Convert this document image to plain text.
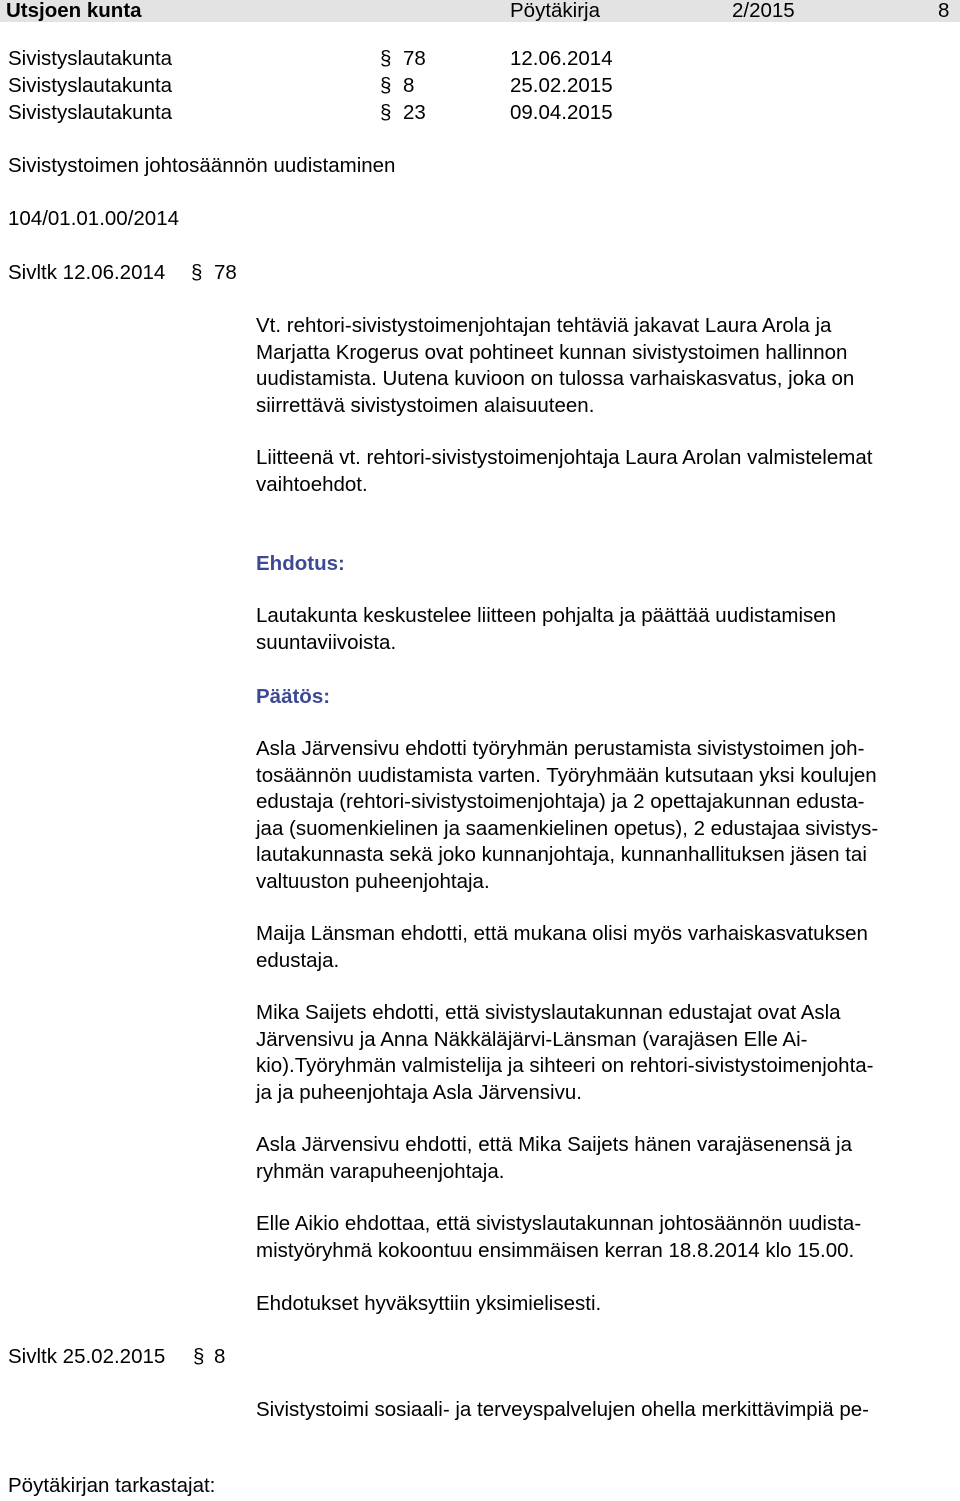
Utsjoen kunta	Pöytäkirja	2/2015	8
Sivistyslautakunta	§ 78	12.06.2014
Sivistyslautakunta	§ 8	25.02.2015
Sivistyslautakunta	§ 23	09.04.2015
Sivistystoimen johtosäännön uudistaminen
104/01.01.00/2014
Sivltk 12.06.2014 § 78
Vt. rehtori-sivistystoimenjohtajan tehtäviä jakavat Laura Arola ja
Marjatta Krogerus ovat pohtineet kunnan sivistystoimen hallinnon
uudistamista. Uutena kuvioon on tulossa varhaiskasvatus, joka on
siirrettävä sivistystoimen alaisuuteen.
Liitteenä vt. rehtori-sivistystoimenjohtaja Laura Arolan valmistelemat
vaihtoehdot.
Ehdotus:
Lautakunta keskustelee liitteen pohjalta ja päättää uudistamisen
suuntaviivoista.
Päätös:
Asla Järvensivu ehdotti työryhmän perustamista sivistystoimen joh-
tosäännön uudistamista varten. Työryhmään kutsutaan yksi koulujen
edustaja (rehtori-sivistystoimenjohtaja) ja 2 opettajakunnan edusta-
jaa (suomenkielinen ja saamenkielinen opetus), 2 edustajaa sivistys-
lautakunnasta sekä joko kunnanjohtaja, kunnanhallituksen jäsen tai
valtuuston puheenjohtaja.
Maija Länsman ehdotti, että mukana olisi myös varhaiskasvatuksen
edustaja.
Mika Saijets ehdotti, että sivistyslautakunnan edustajat ovat Asla
Järvensivu ja Anna Näkkäläjärvi-Länsman (varajäsen Elle Ai-
kio).Työryhmän valmistelija ja sihteeri on rehtori-sivistystoimenjohta-
ja ja puheenjohtaja Asla Järvensivu.
Asla Järvensivu ehdotti, että Mika Saijets hänen varajäsenensä ja
ryhmän varapuheenjohtaja.
Elle Aikio ehdottaa, että sivistyslautakunnan johtosäännön uudista-
mistyöryhmä kokoontuu ensimmäisen kerran 18.8.2014 klo 15.00.
Ehdotukset hyväksyttiin yksimielisesti.
Sivltk 25.02.2015 § 8
Sivistystoimi sosiaali- ja terveyspalvelujen ohella merkittävimpiä pe-
Pöytäkirjan tarkastajat:
